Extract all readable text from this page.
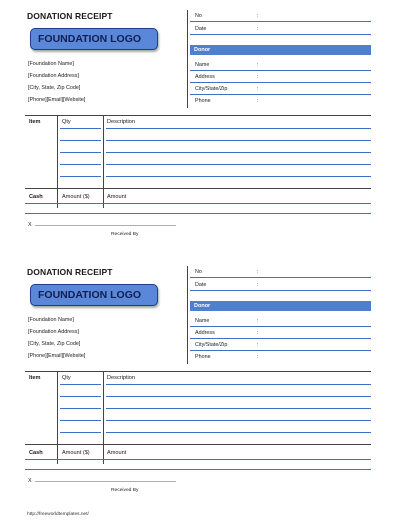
DONATION RECEIPT
FOUNDATION LOGO
[Foundation Name]
[Foundation Address]
[City, State, Zip Code]
[Phone][Email][Website]
No	:
Date	:
Donor
Name	:
Address	:
City/State/Zip	:
Phone	:
Item	Qty	Description
Cash	Amount ($)	Amount
X _______________________________________________
Received By
DONATION RECEIPT
FOUNDATION LOGO
[Foundation Name]
[Foundation Address]
[City, State, Zip Code]
[Phone][Email][Website]
No	:
Date	:
Donor
Name	:
Address	:
City/State/Zip	:
Phone	:
Item	Qty	Description
Cash	Amount ($)	Amount
X _______________________________________________
Received By
http://freeworldtemplates.net/
